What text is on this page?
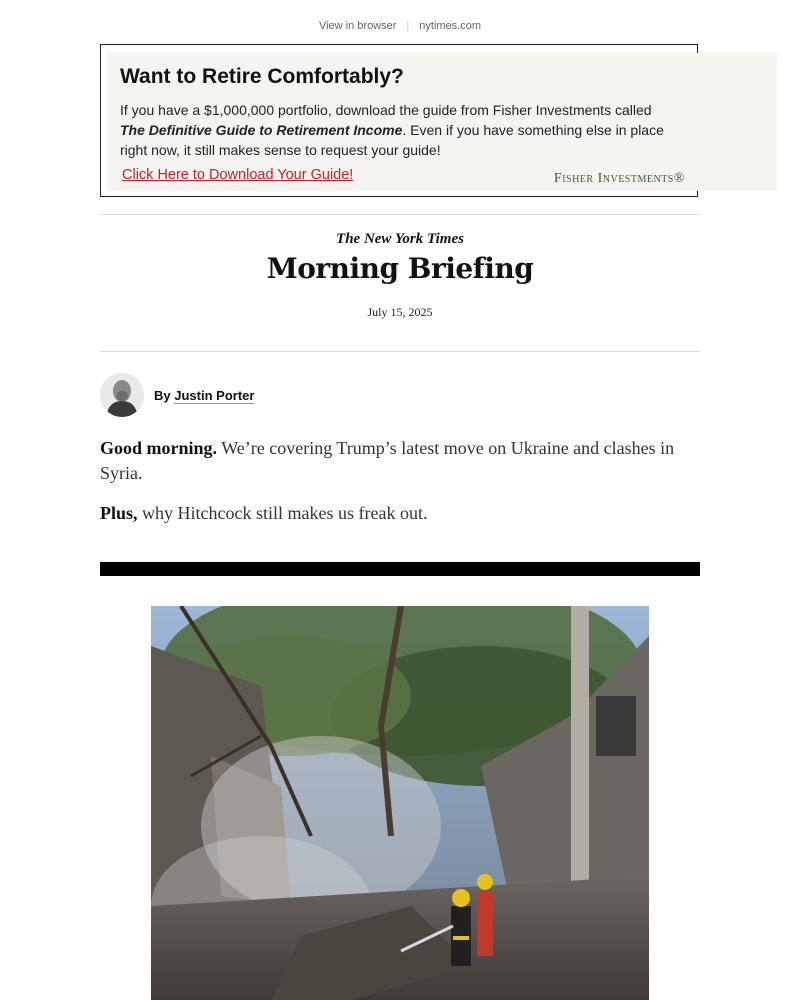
View in browser | nytimes.com
Want to Retire Comfortably?
If you have a $1,000,000 portfolio, download the guide from Fisher Investments called The Definitive Guide to Retirement Income. Even if you have something else in place right now, it still makes sense to request your guide!
Click Here to Download Your Guide!	Fisher Investments®
The New York Times
Morning Briefing
July 15, 2025
By Justin Porter

Good morning. We’re covering Trump’s latest move on Ukraine and clashes in Syria.

Plus, why Hitchcock still makes us freak out.
